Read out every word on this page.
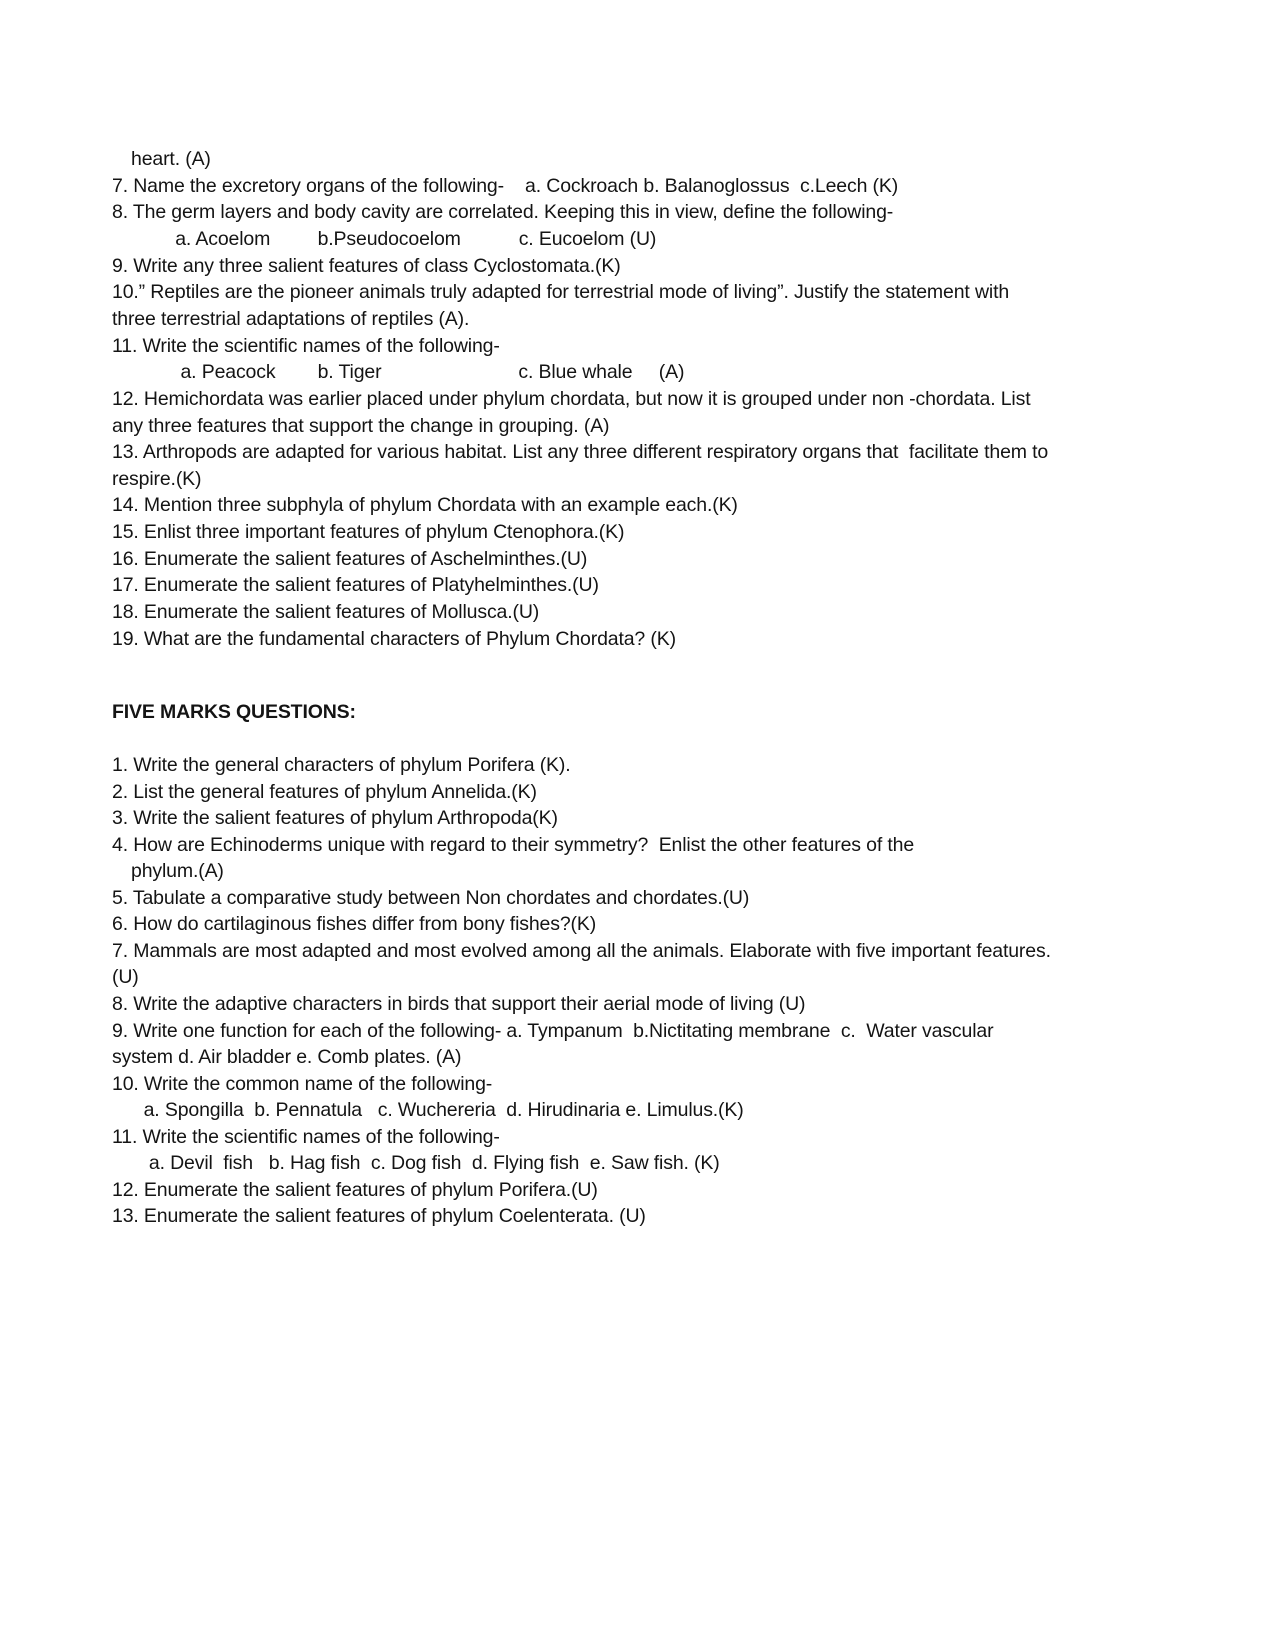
heart. (A)
7. Name the excretory organs of the following-    a. Cockroach b. Balanoglossus  c.Leech (K)
8. The germ layers and body cavity are correlated. Keeping this in view, define the following-
a. Acoelom         b.Pseudocoelom           c. Eucoelom (U)
9. Write any three salient features of class Cyclostomata.(K)
10.” Reptiles are the pioneer animals truly adapted for terrestrial mode of living”. Justify the statement with
three terrestrial adaptations of reptiles (A).
11. Write the scientific names of the following-
a. Peacock        b. Tiger                          c. Blue whale     (A)
12. Hemichordata was earlier placed under phylum chordata, but now it is grouped under non -chordata. List
any three features that support the change in grouping. (A)
13. Arthropods are adapted for various habitat. List any three different respiratory organs that  facilitate them to
respire.(K)
14. Mention three subphyla of phylum Chordata with an example each.(K)
15. Enlist three important features of phylum Ctenophora.(K)
16. Enumerate the salient features of Aschelminthes.(U)
17. Enumerate the salient features of Platyhelminthes.(U)
18. Enumerate the salient features of Mollusca.(U)
19. What are the fundamental characters of Phylum Chordata? (K)
FIVE MARKS QUESTIONS:
1. Write the general characters of phylum Porifera (K).
2. List the general features of phylum Annelida.(K)
3. Write the salient features of phylum Arthropoda(K)
4. How are Echinoderms unique with regard to their symmetry?  Enlist the other features of the
phylum.(A)
5. Tabulate a comparative study between Non chordates and chordates.(U)
6. How do cartilaginous fishes differ from bony fishes?(K)
7. Mammals are most adapted and most evolved among all the animals. Elaborate with five important features.
(U)
8. Write the adaptive characters in birds that support their aerial mode of living (U)
9. Write one function for each of the following- a. Tympanum  b.Nictitating membrane  c.  Water vascular
system d. Air bladder e. Comb plates. (A)
10. Write the common name of the following-
a. Spongilla  b. Pennatula   c. Wuchereria  d. Hirudinaria e. Limulus.(K)
11. Write the scientific names of the following-
a. Devil  fish   b. Hag fish  c. Dog fish  d. Flying fish  e. Saw fish. (K)
12. Enumerate the salient features of phylum Porifera.(U)
13. Enumerate the salient features of phylum Coelenterata. (U)
